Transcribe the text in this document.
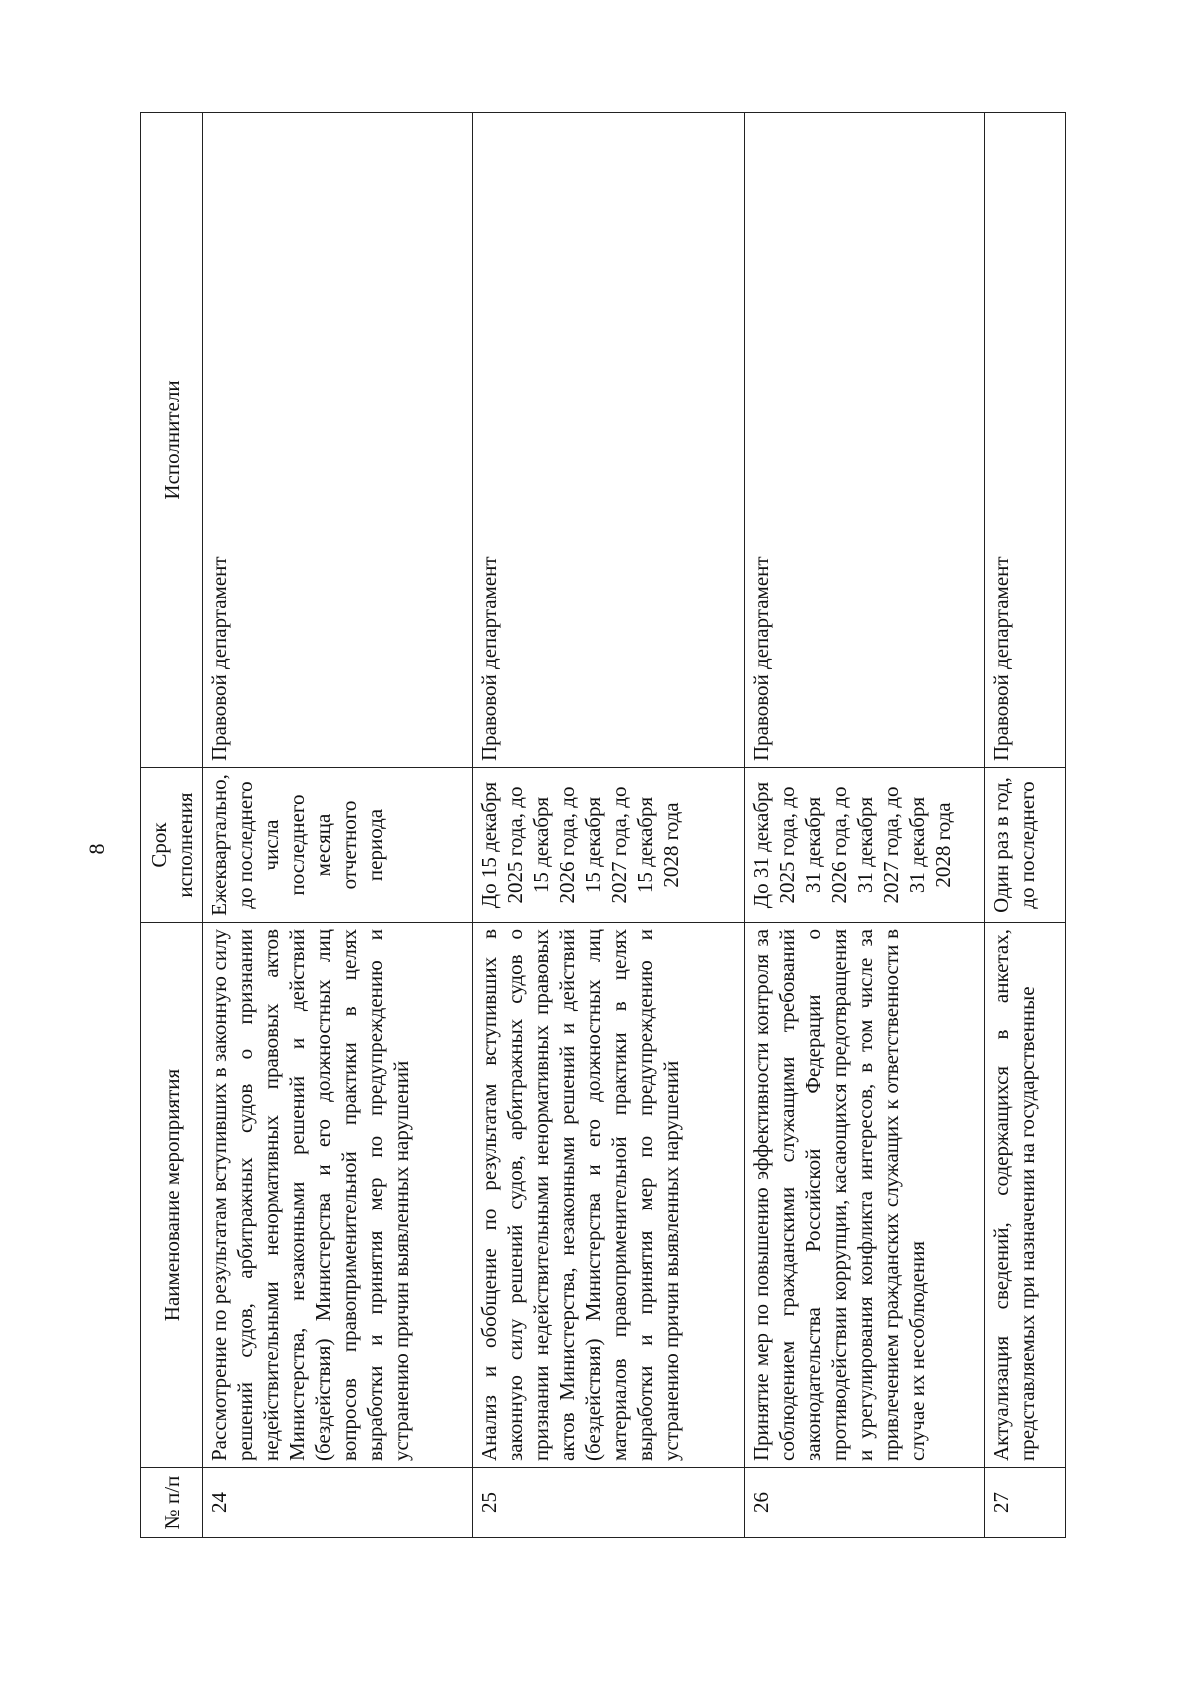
8
№ п/п	Наименование мероприятия	Срок исполнения	Исполнители
24	Рассмотрение по результатам вступивших в законную силу решений судов, арбитражных судов о признании недействительными ненормативных правовых актов Министерства, незаконными решений и действий (бездействия) Министерства и его должностных лиц вопросов правоприменительной практики в целях выработки и принятия мер по предупреждению и устранению причин выявленных нарушений	Ежеквартально, до последнего числа последнего месяца отчетного периода	Правовой департамент
25	Анализ и обобщение по результатам вступивших в законную силу решений судов, арбитражных судов о признании недействительными ненормативных правовых актов Министерства, незаконными решений и действий (бездействия) Министерства и его должностных лиц материалов правоприменительной практики в целях выработки и принятия мер по предупреждению и устранению причин выявленных нарушений	До 15 декабря 2025 года, до 15 декабря 2026 года, до 15 декабря 2027 года, до 15 декабря 2028 года	Правовой департамент
26	Принятие мер по повышению эффективности контроля за соблюдением гражданскими служащими требований законодательства Российской Федерации о противодействии коррупции, касающихся предотвращения и урегулирования конфликта интересов, в том числе за привлечением гражданских служащих к ответственности в случае их несоблюдения	До 31 декабря 2025 года, до 31 декабря 2026 года, до 31 декабря 2027 года, до 31 декабря 2028 года	Правовой департамент
27	Актуализация сведений, содержащихся в анкетах, представляемых при назначении на государственные	Один раз в год, до последнего	Правовой департамент
